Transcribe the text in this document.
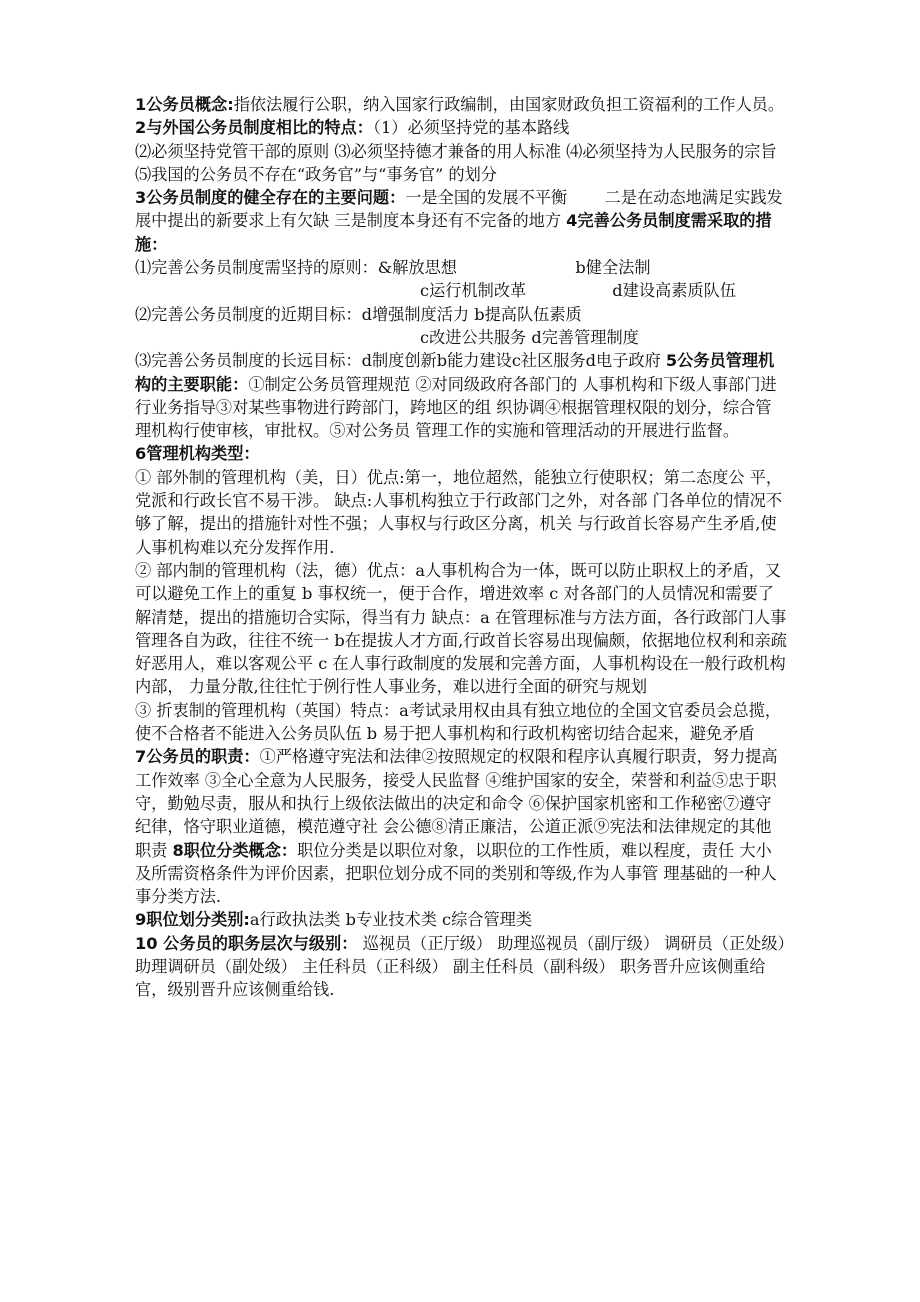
1公务员概念:指依法履行公职，纳入国家行政编制，由国家财政负担工资福利的工作人员。

2与外国公务员制度相比的特点：（1）必须坚持党的基本路线

⑵必须坚持党管干部的原则 ⑶必须坚持德才兼备的用人标准 ⑷必须坚持为人民服务的宗旨 ⑸我国的公务员不存在“政务官”与“事务官” 的划分

3公务员制度的健全存在的主要问题：一是全国的发展不平衡　　 二是在动态地满足实践发展中提出的新要求上有欠缺 三是制度本身还有不完备的地方 4完善公务员制度需采取的措施：

⑴完善公务员制度需坚持的原则：&解放思想　　　　　　　 b健全法制

c运行机制改革　　　　　 d建设高素质队伍

⑵完善公务员制度的近期目标：d增强制度活力 b提高队伍素质

c改进公共服务 d完善管理制度

⑶完善公务员制度的长远目标：d制度创新b能力建设c社区服务d电子政府 5公务员管理机构的主要职能：①制定公务员管理规范 ②对同级政府各部门的 人事机构和下级人事部门进行业务指导③对某些事物进行跨部门，跨地区的组 织协调④根据管理权限的划分，综合管理机构行使审核，审批权。⑤对公务员 管理工作的实施和管理活动的开展进行监督。

6管理机构类型：

① 部外制的管理机构（美，日）优点:第一，地位超然，能独立行使职权；第二态度公 平，党派和行政长官不易干涉。 缺点:人事机构独立于行政部门之外，对各部 门各单位的情况不够了解，提出的措施针对性不强；人事权与行政区分离，机关 与行政首长容易产生矛盾,使人事机构难以充分发挥作用.

② 部内制的管理机构（法，德）优点：a人事机构合为一体，既可以防止职权上的矛盾，又可以避免工作上的重复 b 事权统一，便于合作，增进效率 c 对各部门的人员情况和需要了解清楚，提出的措施切合实际，得当有力 缺点：a 在管理标准与方法方面，各行政部门人事管理各自为政，往往不统一 b在提拔人才方面,行政首长容易出现偏颇，依据地位权利和亲疏好恶用人，难以客观公平 c 在人事行政制度的发展和完善方面，人事机构设在一般行政机构内部， 力量分散,往往忙于例行性人事业务，难以进行全面的研究与规划

③ 折衷制的管理机构（英国）特点：a考试录用权由具有独立地位的全国文官委员会总揽，使不合格者不能进入公务员队伍 b 易于把人事机构和行政机构密切结合起来，避免矛盾

7公务员的职责：①严格遵守宪法和法律②按照规定的权限和程序认真履行职责，努力提高工作效率 ③全心全意为人民服务，接受人民监督 ④维护国家的安全，荣誉和利益⑤忠于职守，勤勉尽责，服从和执行上级依法做出的决定和命令 ⑥保护国家机密和工作秘密⑦遵守纪律，恪守职业道德，模范遵守社 会公德⑧清正廉洁，公道正派⑨宪法和法律规定的其他职责 8职位分类概念：职位分类是以职位对象，以职位的工作性质，难以程度，责任 大小及所需资格条件为评价因素，把职位划分成不同的类别和等级,作为人事管 理基础的一种人事分类方法.

9职位划分类别:a行政执法类 b专业技术类 c综合管理类

10 公务员的职务层次与级别： 巡视员（正厅级） 助理巡视员（副厅级） 调研员（正处级）助理调研员（副处级） 主任科员（正科级） 副主任科员（副科级） 职务晋升应该侧重给官，级别晋升应该侧重给钱.
